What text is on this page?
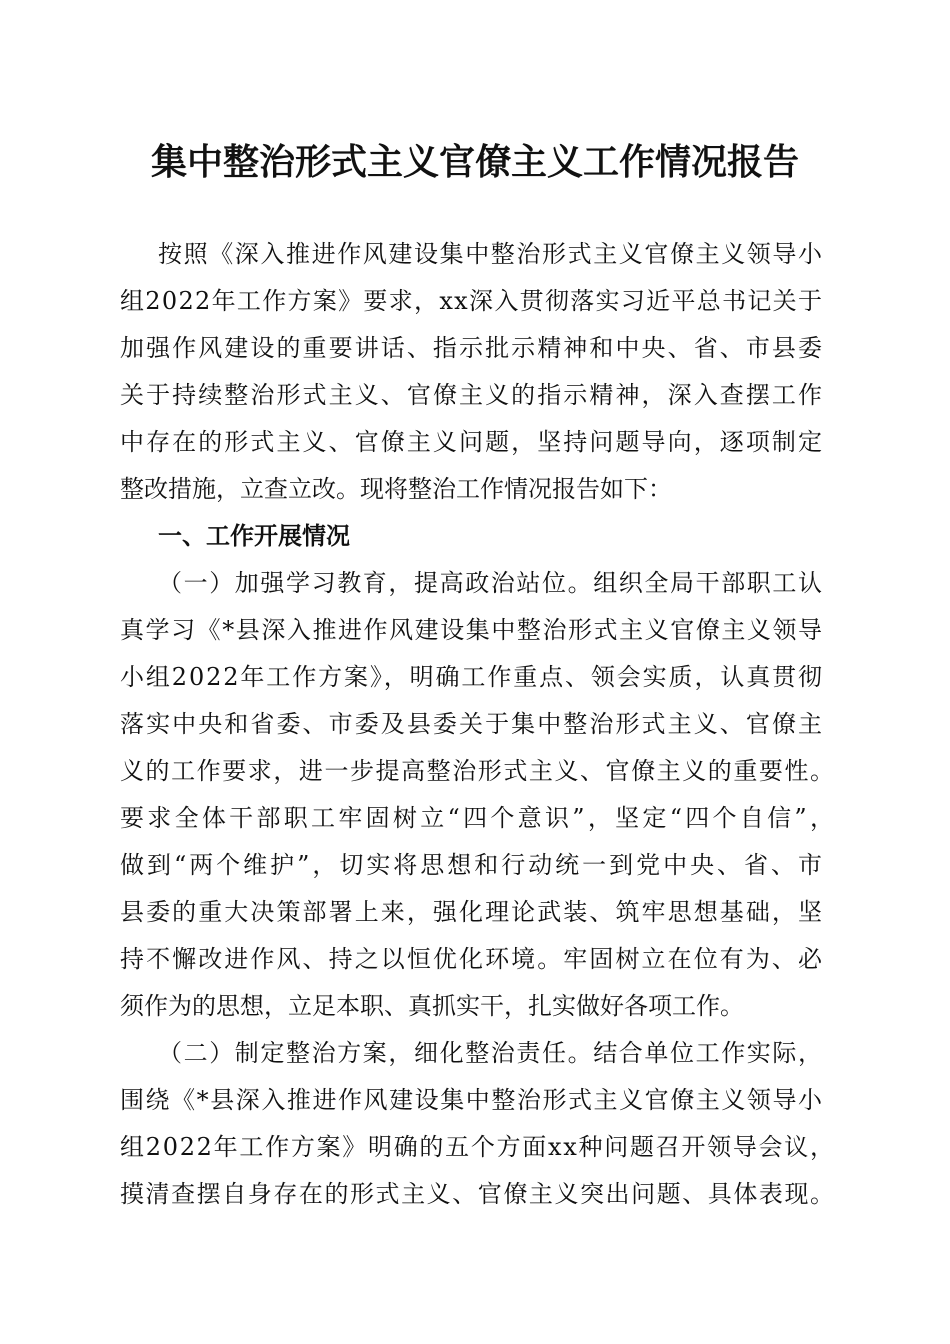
集中整治形式主义官僚主义工作情况报告
按照《深入推进作风建设集中整治形式主义官僚主义领导小
组2022年工作方案》要求，xx深入贯彻落实习近平总书记关于
加强作风建设的重要讲话、指示批示精神和中央、省、市县委
关于持续整治形式主义、官僚主义的指示精神，深入查摆工作
中存在的形式主义、官僚主义问题，坚持问题导向，逐项制定
整改措施，立查立改。现将整治工作情况报告如下：
一、工作开展情况
（一）加强学习教育，提高政治站位。组织全局干部职工认
真学习《*县深入推进作风建设集中整治形式主义官僚主义领导
小组2022年工作方案》，明确工作重点、领会实质，认真贯彻
落实中央和省委、市委及县委关于集中整治形式主义、官僚主
义的工作要求，进一步提高整治形式主义、官僚主义的重要性。
要求全体干部职工牢固树立“四个意识”，坚定“四个自信”，
做到“两个维护”，切实将思想和行动统一到党中央、省、市
县委的重大决策部署上来，强化理论武装、筑牢思想基础，坚
持不懈改进作风、持之以恒优化环境。牢固树立在位有为、必
须作为的思想，立足本职、真抓实干，扎实做好各项工作。
（二）制定整治方案，细化整治责任。结合单位工作实际，
围绕《*县深入推进作风建设集中整治形式主义官僚主义领导小
组2022年工作方案》明确的五个方面xx种问题召开领导会议，
摸清查摆自身存在的形式主义、官僚主义突出问题、具体表现。
